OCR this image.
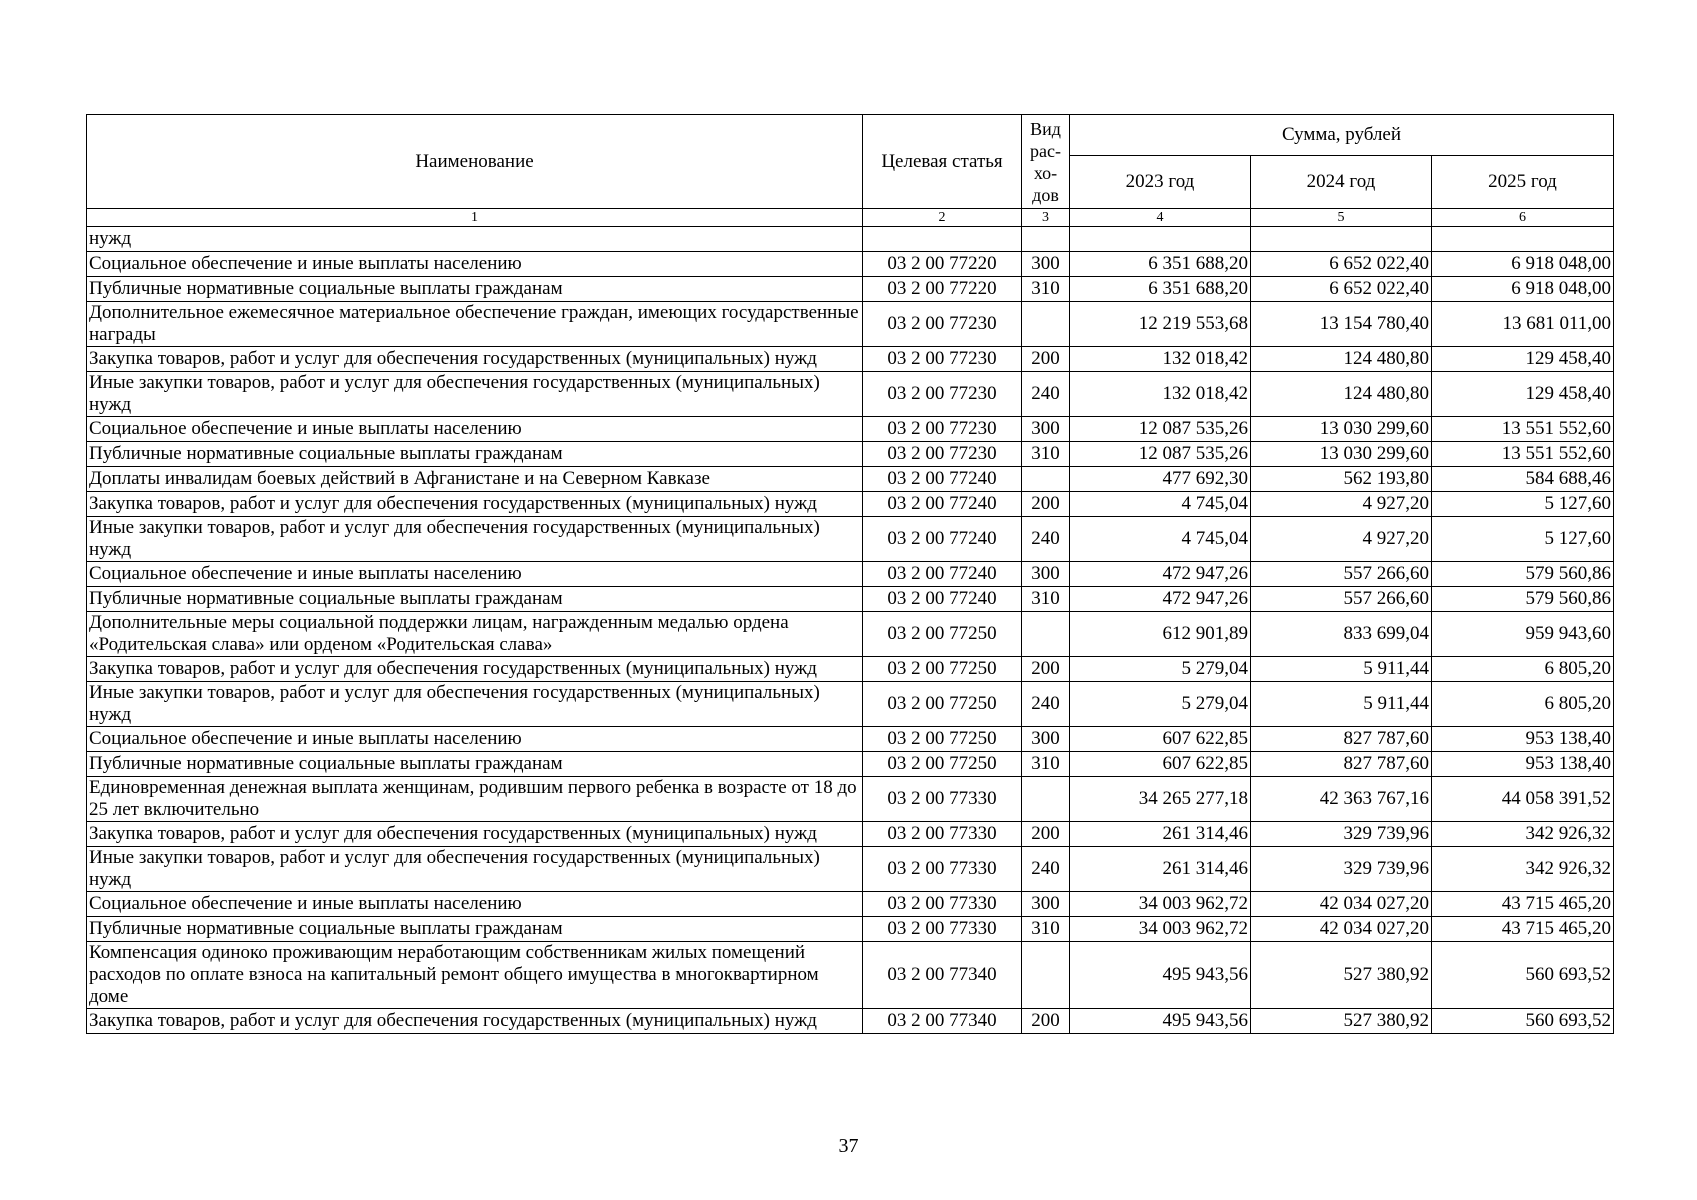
Наименование	Целевая статья	Вид рас-хо-дов	Сумма, рублей		
			2023 год	2024 год	2025 год
1	2	3	4	5	6
нужд					
Социальное обеспечение и иные выплаты населению	03 2 00 77220	300	6 351 688,20	6 652 022,40	6 918 048,00
Публичные нормативные социальные выплаты гражданам	03 2 00 77220	310	6 351 688,20	6 652 022,40	6 918 048,00
Дополнительное ежемесячное материальное обеспечение граждан, имеющих государственные награды	03 2 00 77230		12 219 553,68	13 154 780,40	13 681 011,00
Закупка товаров, работ и услуг для обеспечения государственных (муниципальных) нужд	03 2 00 77230	200	132 018,42	124 480,80	129 458,40
Иные закупки товаров, работ и услуг для обеспечения государственных (муниципальных) нужд	03 2 00 77230	240	132 018,42	124 480,80	129 458,40
Социальное обеспечение и иные выплаты населению	03 2 00 77230	300	12 087 535,26	13 030 299,60	13 551 552,60
Публичные нормативные социальные выплаты гражданам	03 2 00 77230	310	12 087 535,26	13 030 299,60	13 551 552,60
Доплаты инвалидам боевых действий в Афганистане и на Северном Кавказе	03 2 00 77240		477 692,30	562 193,80	584 688,46
Закупка товаров, работ и услуг для обеспечения государственных (муниципальных) нужд	03 2 00 77240	200	4 745,04	4 927,20	5 127,60
Иные закупки товаров, работ и услуг для обеспечения государственных (муниципальных) нужд	03 2 00 77240	240	4 745,04	4 927,20	5 127,60
Социальное обеспечение и иные выплаты населению	03 2 00 77240	300	472 947,26	557 266,60	579 560,86
Публичные нормативные социальные выплаты гражданам	03 2 00 77240	310	472 947,26	557 266,60	579 560,86
Дополнительные меры социальной поддержки лицам, награжденным медалью ордена «Родительская слава» или орденом «Родительская слава»	03 2 00 77250		612 901,89	833 699,04	959 943,60
Закупка товаров, работ и услуг для обеспечения государственных (муниципальных) нужд	03 2 00 77250	200	5 279,04	5 911,44	6 805,20
Иные закупки товаров, работ и услуг для обеспечения государственных (муниципальных) нужд	03 2 00 77250	240	5 279,04	5 911,44	6 805,20
Социальное обеспечение и иные выплаты населению	03 2 00 77250	300	607 622,85	827 787,60	953 138,40
Публичные нормативные социальные выплаты гражданам	03 2 00 77250	310	607 622,85	827 787,60	953 138,40
Единовременная денежная выплата женщинам, родившим первого ребенка в возрасте от 18 до 25 лет включительно	03 2 00 77330		34 265 277,18	42 363 767,16	44 058 391,52
Закупка товаров, работ и услуг для обеспечения государственных (муниципальных) нужд	03 2 00 77330	200	261 314,46	329 739,96	342 926,32
Иные закупки товаров, работ и услуг для обеспечения государственных (муниципальных) нужд	03 2 00 77330	240	261 314,46	329 739,96	342 926,32
Социальное обеспечение и иные выплаты населению	03 2 00 77330	300	34 003 962,72	42 034 027,20	43 715 465,20
Публичные нормативные социальные выплаты гражданам	03 2 00 77330	310	34 003 962,72	42 034 027,20	43 715 465,20
Компенсация одиноко проживающим неработающим собственникам жилых помещений расходов по оплате взноса на капитальный ремонт общего имущества в многоквартирном доме	03 2 00 77340		495 943,56	527 380,92	560 693,52
Закупка товаров, работ и услуг для обеспечения государственных (муниципальных) нужд	03 2 00 77340	200	495 943,56	527 380,92	560 693,52
37
